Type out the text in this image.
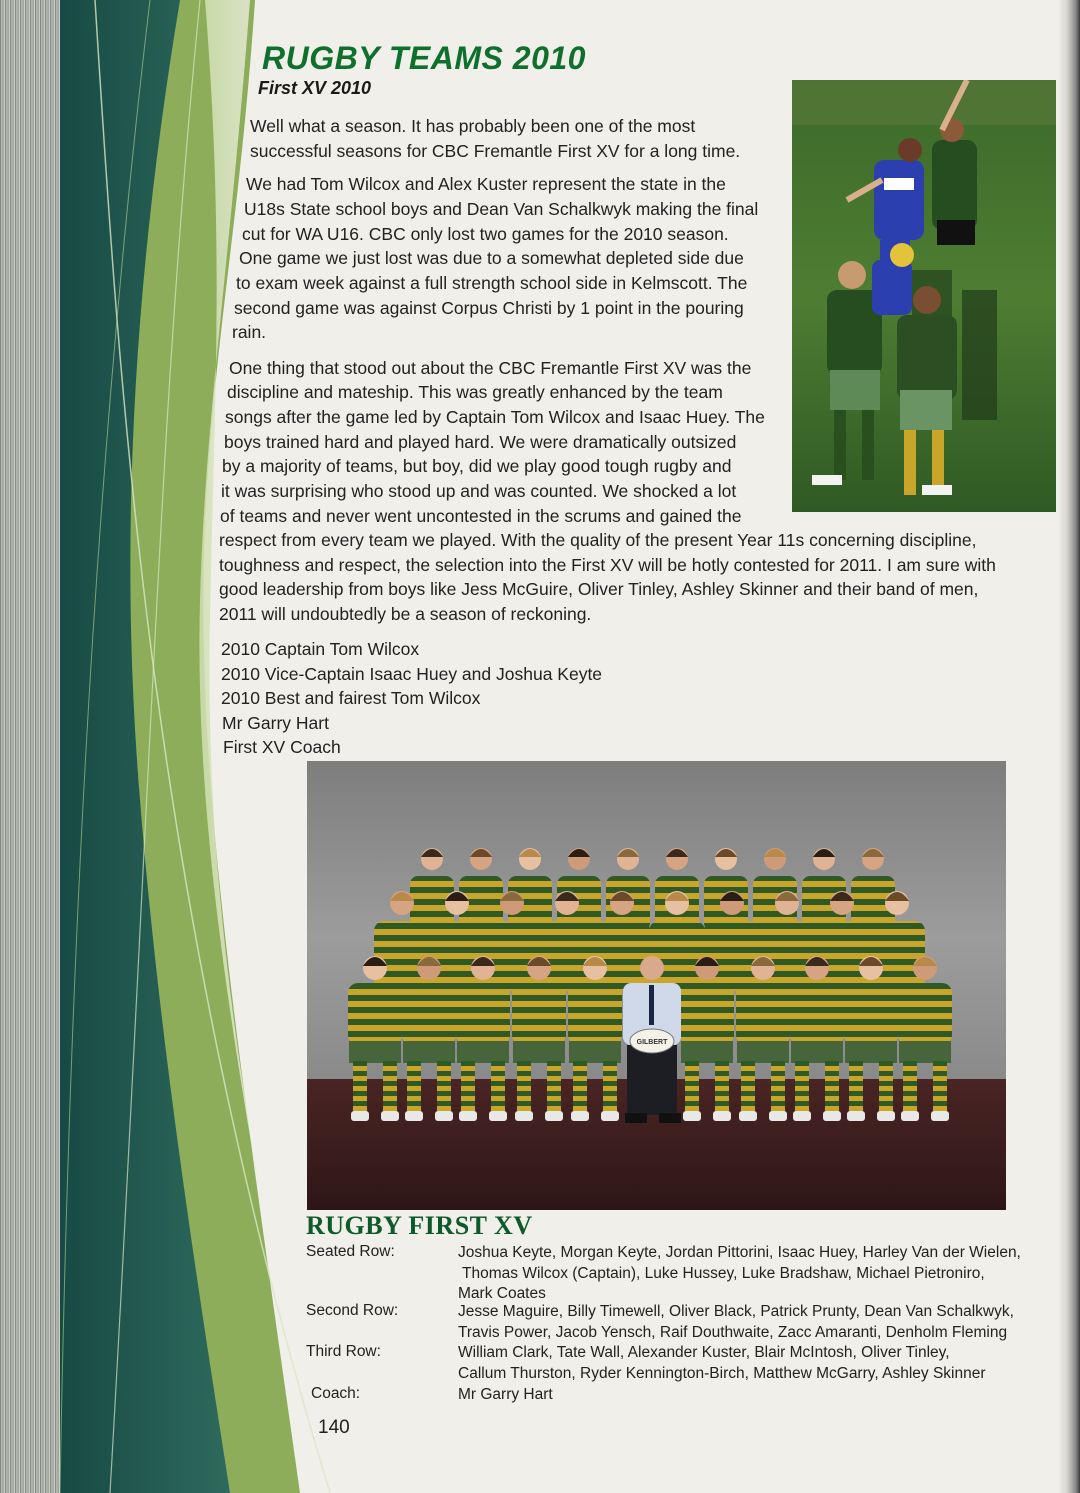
RUGBY TEAMS 2010
First XV 2010
Well what a season. It has probably been one of the most
successful seasons for CBC Fremantle First XV for a long time.

We had Tom Wilcox and Alex Kuster represent the state in the

U18s State school boys and Dean Van Schalkwyk making the final

cut for WA U16. CBC only lost two games for the 2010 season.

One game we just lost was due to a somewhat depleted side due

to exam week against a full strength school side in Kelmscott. The

second game was against Corpus Christi by 1 point in the pouring

rain.

One thing that stood out about the CBC Fremantle First XV was the

discipline and mateship. This was greatly enhanced by the team

songs after the game led by Captain Tom Wilcox and Isaac Huey. The

boys trained hard and played hard. We were dramatically outsized

by a majority of teams, but boy, did we play good tough rugby and

it was surprising who stood up and was counted. We shocked a lot

of teams and never went uncontested in the scrums and gained the

respect from every team we played. With the quality of the present Year 11s concerning discipline,

toughness and respect, the selection into the First XV will be hotly contested for 2011. I am sure with

good leadership from boys like Jess McGuire, Oliver Tinley, Ashley Skinner and their band of men,

2011 will undoubtedly be a season of reckoning.

2010 Captain Tom Wilcox

2010 Vice-Captain Isaac Huey and Joshua Keyte

2010 Best and fairest Tom Wilcox

Mr Garry Hart

First XV Coach

GILBERT
RUGBY FIRST XV

Seated Row:	Joshua Keyte, Morgan Keyte, Jordan Pittorini, Isaac Huey, Harley Van der Wielen,
Thomas Wilcox (Captain), Luke Hussey, Luke Bradshaw, Michael Pietroniro,
Mark Coates

Second Row:	Jesse Maguire, Billy Timewell, Oliver Black, Patrick Prunty, Dean Van Schalkwyk,
Travis Power, Jacob Yensch, Raif Douthwaite, Zacc Amaranti, Denholm Fleming

Third Row:	William Clark, Tate Wall, Alexander Kuster, Blair McIntosh, Oliver Tinley,
Callum Thurston, Ryder Kennington-Birch, Matthew McGarry, Ashley Skinner

Coach:	Mr Garry Hart

140
